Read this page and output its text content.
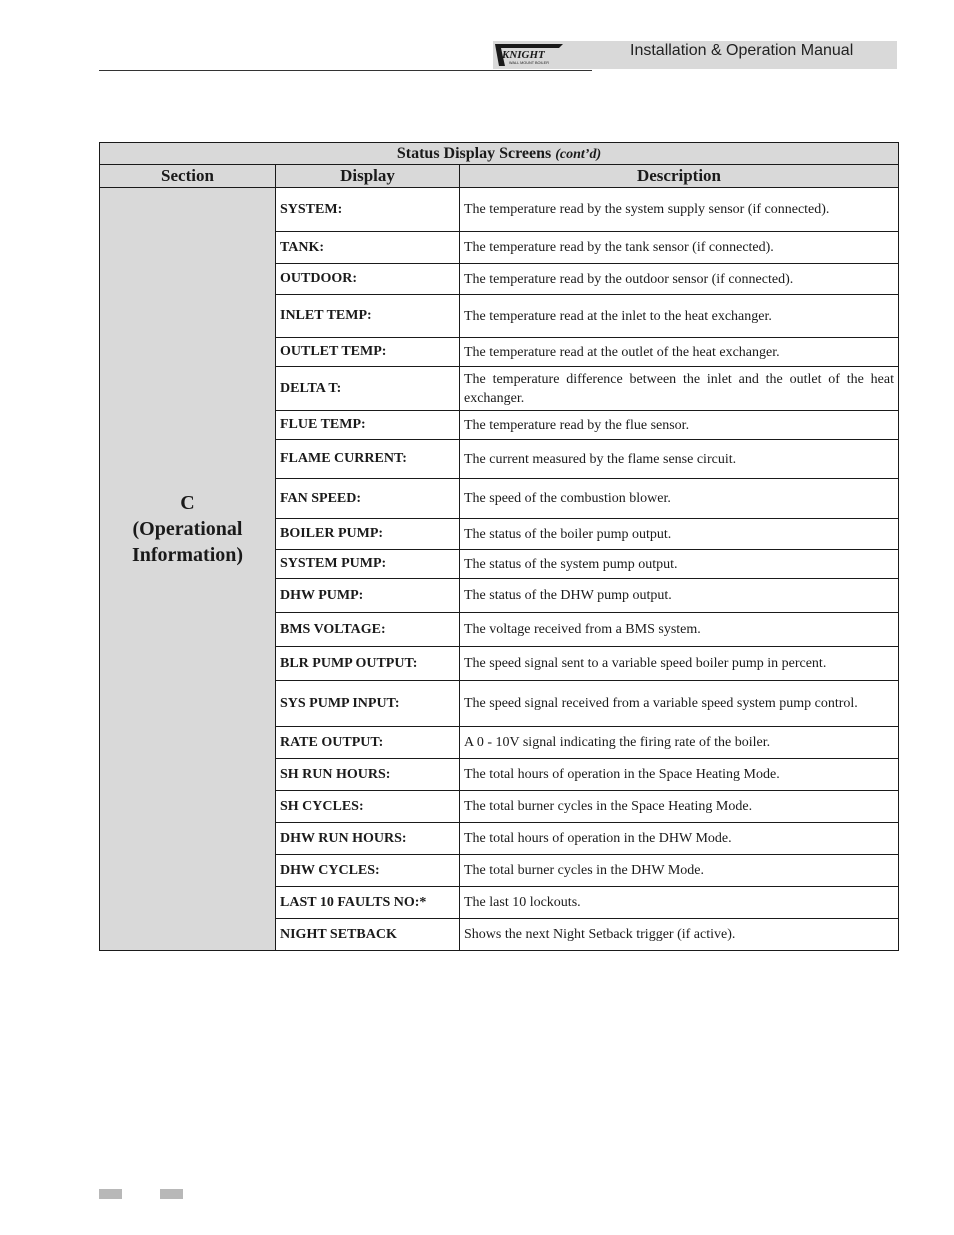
KNIGHT
WALL MOUNT BOILER
Installation & Operation Manual
Status Display Screens (cont’d)		
Section	Display	Description

C
(Operational
Information)	SYSTEM:	The temperature read by the system supply sensor (if connected).
	TANK:	The temperature read by the tank sensor (if connected).
	OUTDOOR:	The temperature read by the outdoor sensor (if connected).
	INLET TEMP:	The temperature read at the inlet to the heat exchanger.
	OUTLET TEMP:	The temperature read at the outlet of the heat exchanger.
	DELTA T:	The temperature difference between the inlet and the outlet of the heat exchanger.
	FLUE TEMP:	The temperature read by the flue sensor.
	FLAME CURRENT:	The current measured by the flame sense circuit.
	FAN SPEED:	The speed of the combustion blower.
	BOILER PUMP:	The status of the boiler pump output.
	SYSTEM PUMP:	The status of the system pump output.
	DHW PUMP:	The status of the DHW pump output.
	BMS VOLTAGE:	The voltage received from a BMS system.
	BLR PUMP OUTPUT:	The speed signal sent to a variable speed boiler pump in percent.
	SYS PUMP INPUT:	The speed signal received from a variable speed system pump control.
	RATE OUTPUT:	A 0 - 10V signal indicating the firing rate of the boiler.
	SH RUN HOURS:	The total hours of operation in the Space Heating Mode.
	SH CYCLES:	The total burner cycles in the Space Heating Mode.
	DHW RUN HOURS:	The total hours of operation in the DHW Mode.
	DHW CYCLES:	The total burner cycles in the DHW Mode.
	LAST 10 FAULTS NO:*	The last 10 lockouts.
	NIGHT SETBACK	Shows the next Night Setback trigger (if active).
